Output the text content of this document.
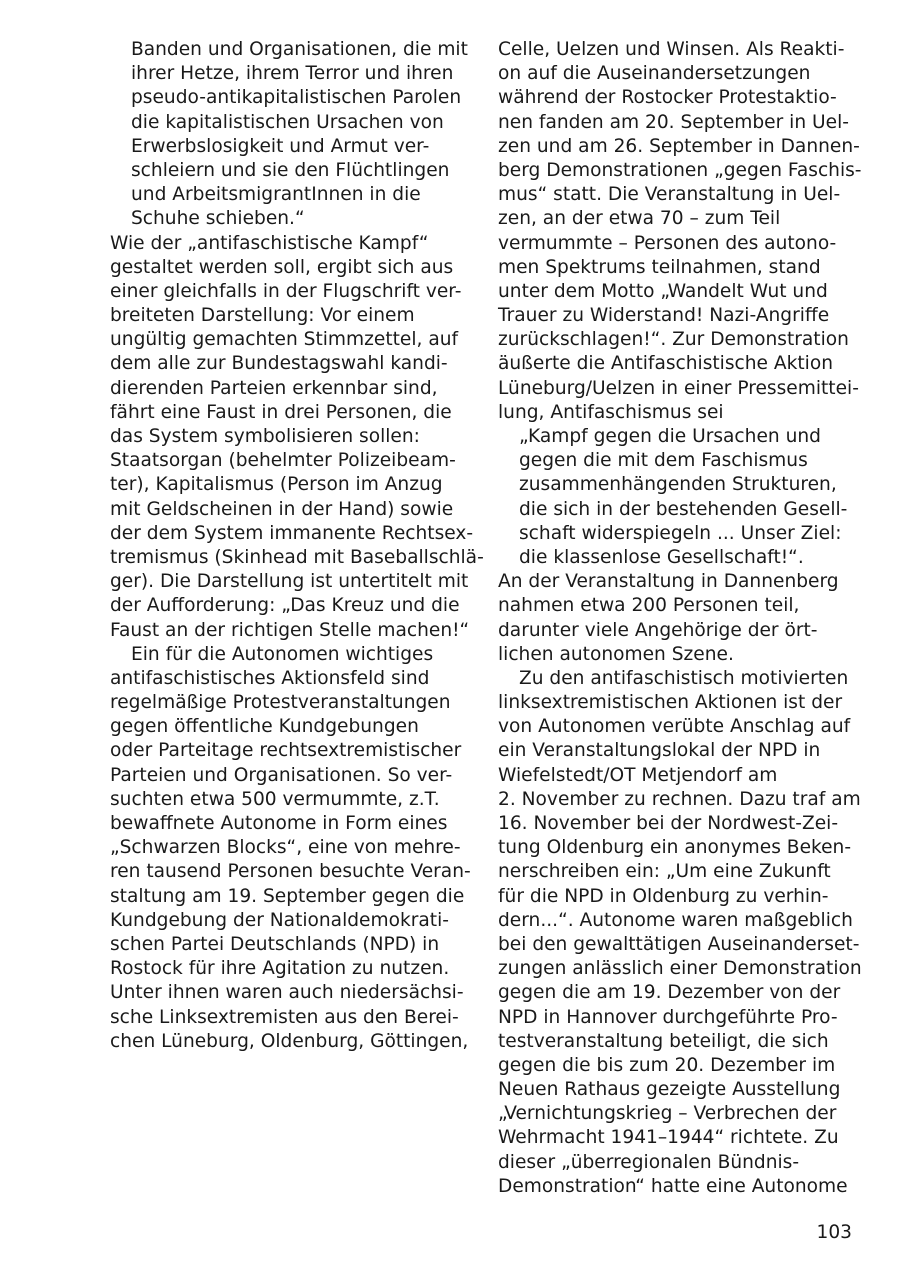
Banden und Organisationen, die mit
ihrer Hetze, ihrem Terror und ihren
pseudo-antikapitalistischen Parolen
die kapitalistischen Ursachen von
Erwerbslosigkeit und Armut ver-
schleiern und sie den Flüchtlingen
und ArbeitsmigrantInnen in die
Schuhe schieben.“
Wie der „antifaschistische Kampf“
gestaltet werden soll, ergibt sich aus
einer gleichfalls in der Flugschrift ver-
breiteten Darstellung: Vor einem
ungültig gemachten Stimmzettel, auf
dem alle zur Bundestagswahl kandi-
dierenden Parteien erkennbar sind,
fährt eine Faust in drei Personen, die
das System symbolisieren sollen:
Staatsorgan (behelmter Polizeibeam-
ter), Kapitalismus (Person im Anzug
mit Geldscheinen in der Hand) sowie
der dem System immanente Rechtsex-
tremismus (Skinhead mit Baseballschlä-
ger). Die Darstellung ist untertitelt mit
der Aufforderung: „Das Kreuz und die
Faust an der richtigen Stelle machen!“
Ein für die Autonomen wichtiges
antifaschistisches Aktionsfeld sind
regelmäßige Protestveranstaltungen
gegen öffentliche Kundgebungen
oder Parteitage rechtsextremistischer
Parteien und Organisationen. So ver-
suchten etwa 500 vermummte, z.T.
bewaffnete Autonome in Form eines
„Schwarzen Blocks“, eine von mehre-
ren tausend Personen besuchte Veran-
staltung am 19. September gegen die
Kundgebung der Nationaldemokrati-
schen Partei Deutschlands (NPD) in
Rostock für ihre Agitation zu nutzen.
Unter ihnen waren auch niedersächsi-
sche Linksextremisten aus den Berei-
chen Lüneburg, Oldenburg, Göttingen,
Celle, Uelzen und Winsen. Als Reakti-
on auf die Auseinandersetzungen
während der Rostocker Protestaktio-
nen fanden am 20. September in Uel-
zen und am 26. September in Dannen-
berg Demonstrationen „gegen Faschis-
mus“ statt. Die Veranstaltung in Uel-
zen, an der etwa 70 – zum Teil
vermummte – Personen des autono-
men Spektrums teilnahmen, stand
unter dem Motto „Wandelt Wut und
Trauer zu Widerstand! Nazi-Angriffe
zurückschlagen!“. Zur Demonstration
äußerte die Antifaschistische Aktion
Lüneburg/Uelzen in einer Pressemittei-
lung, Antifaschismus sei
„Kampf gegen die Ursachen und
gegen die mit dem Faschismus
zusammenhängenden Strukturen,
die sich in der bestehenden Gesell-
schaft widerspiegeln ... Unser Ziel:
die klassenlose Gesellschaft!“.
An der Veranstaltung in Dannenberg
nahmen etwa 200 Personen teil,
darunter viele Angehörige der ört-
lichen autonomen Szene.
Zu den antifaschistisch motivierten
linksextremistischen Aktionen ist der
von Autonomen verübte Anschlag auf
ein Veranstaltungslokal der NPD in
Wiefelstedt/OT Metjendorf am
2. November zu rechnen. Dazu traf am
16. November bei der Nordwest-Zei-
tung Oldenburg ein anonymes Beken-
nerschreiben ein: „Um eine Zukunft
für die NPD in Oldenburg zu verhin-
dern...“. Autonome waren maßgeblich
bei den gewalttätigen Auseinanderset-
zungen anlässlich einer Demonstration
gegen die am 19. Dezember von der
NPD in Hannover durchgeführte Pro-
testveranstaltung beteiligt, die sich
gegen die bis zum 20. Dezember im
Neuen Rathaus gezeigte Ausstellung
„Vernichtungskrieg – Verbrechen der
Wehrmacht 1941–1944“ richtete. Zu
dieser „überregionalen Bündnis-
Demonstration“ hatte eine Autonome
103
